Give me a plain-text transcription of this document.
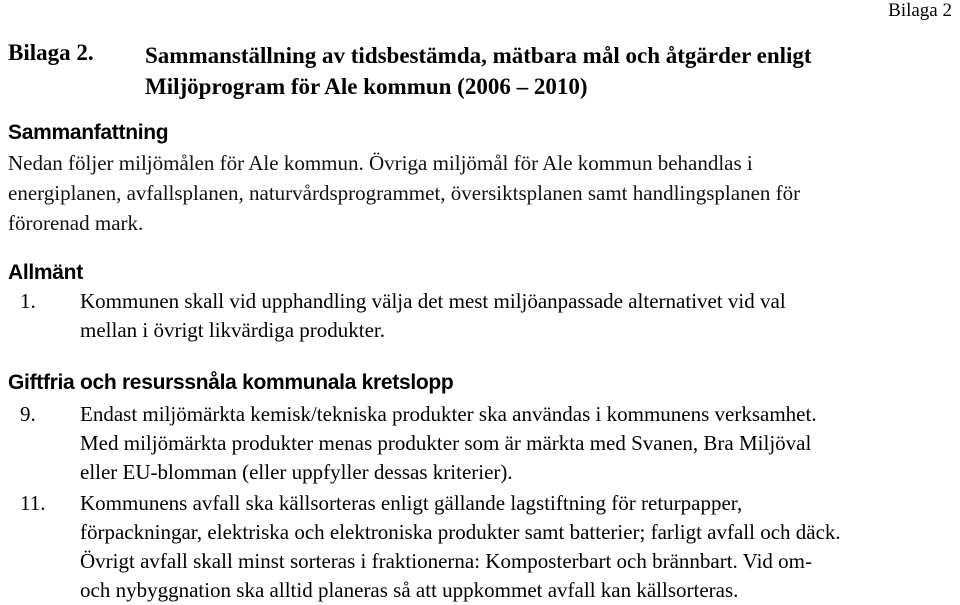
Bilaga 2
Bilaga 2. Sammanställning av tidsbestämda, mätbara mål och åtgärder enligt
Miljöprogram för Ale kommun (2006 – 2010)
Sammanfattning
Nedan följer miljömålen för Ale kommun. Övriga miljömål för Ale kommun behandlas i
energiplanen, avfallsplanen, naturvårdsprogrammet, översiktsplanen samt handlingsplanen för
förorenad mark.
Allmänt
1. Kommunen skall vid upphandling välja det mest miljöanpassade alternativet vid val
mellan i övrigt likvärdiga produkter.
Giftfria och resurssnåla kommunala kretslopp
9. Endast miljömärkta kemisk/tekniska produkter ska användas i kommunens verksamhet.
Med miljömärkta produkter menas produkter som är märkta med Svanen, Bra Miljöval
eller EU-blomman (eller uppfyller dessas kriterier).
11. Kommunens avfall ska källsorteras enligt gällande lagstiftning för returpapper,
förpackningar, elektriska och elektroniska produkter samt batterier; farligt avfall och däck.
Övrigt avfall skall minst sorteras i fraktionerna: Komposterbart och brännbart. Vid om-
och nybyggnation ska alltid planeras så att uppkommet avfall kan källsorteras.
